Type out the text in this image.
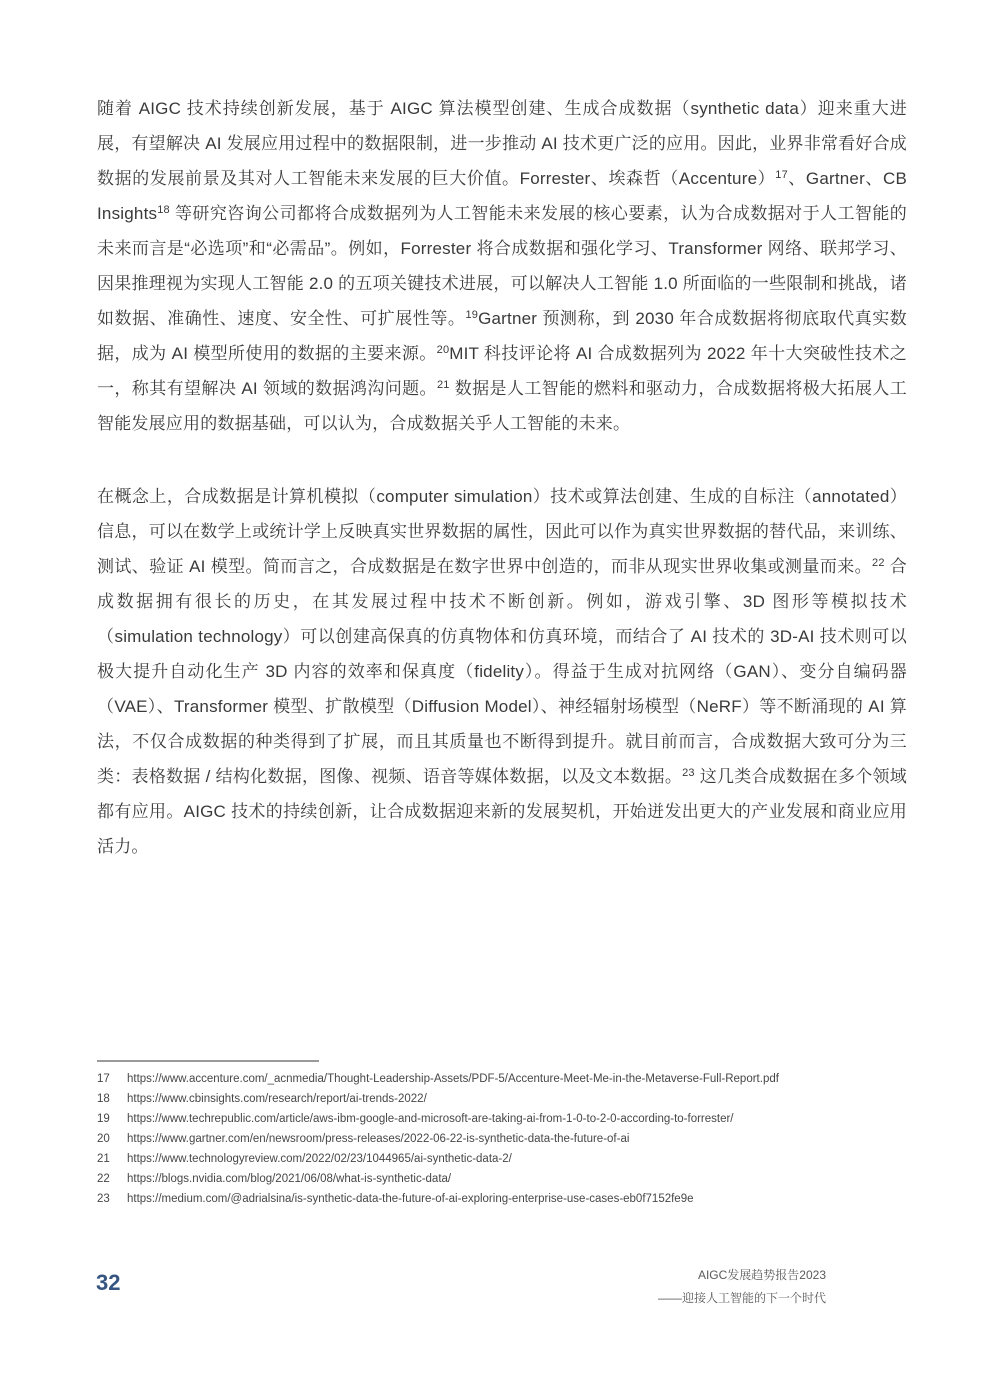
随着 AIGC 技术持续创新发展，基于 AIGC 算法模型创建、生成合成数据（synthetic data）迎来重大进展，有望解决 AI 发展应用过程中的数据限制，进一步推动 AI 技术更广泛的应用。因此，业界非常看好合成数据的发展前景及其对人工智能未来发展的巨大价值。Forrester、埃森哲（Accenture）$^{17}$、Gartner、CB Insights$^{18}$ 等研究咨询公司都将合成数据列为人工智能未来发展的核心要素，认为合成数据对于人工智能的未来而言是“必选项”和“必需品”。例如，Forrester 将合成数据和强化学习、Transformer 网络、联邦学习、因果推理视为实现人工智能 2.0 的五项关键技术进展，可以解决人工智能 1.0 所面临的一些限制和挑战，诸如数据、准确性、速度、安全性、可扩展性等。$^{19}$Gartner 预测称，到 2030 年合成数据将彻底取代真实数据，成为 AI 模型所使用的数据的主要来源。$^{20}$MIT 科技评论将 AI 合成数据列为 2022 年十大突破性技术之一，称其有望解决 AI 领域的数据鸿沟问题。$^{21}$ 数据是人工智能的燃料和驱动力，合成数据将极大拓展人工智能发展应用的数据基础，可以认为，合成数据关乎人工智能的未来。

在概念上，合成数据是计算机模拟（computer simulation）技术或算法创建、生成的自标注（annotated）信息，可以在数学上或统计学上反映真实世界数据的属性，因此可以作为真实世界数据的替代品，来训练、测试、验证 AI 模型。简而言之，合成数据是在数字世界中创造的，而非从现实世界收集或测量而来。$^{22}$ 合成数据拥有很长的历史，在其发展过程中技术不断创新。例如，游戏引擎、3D 图形等模拟技术（simulation technology）可以创建高保真的仿真物体和仿真环境，而结合了 AI 技术的 3D-AI 技术则可以极大提升自动化生产 3D 内容的效率和保真度（fidelity）。得益于生成对抗网络（GAN）、变分自编码器（VAE）、Transformer 模型、扩散模型（Diffusion Model）、神经辐射场模型（NeRF）等不断涌现的 AI 算法，不仅合成数据的种类得到了扩展，而且其质量也不断得到提升。就目前而言，合成数据大致可分为三类：表格数据 / 结构化数据，图像、视频、语音等媒体数据，以及文本数据。$^{23}$ 这几类合成数据在多个领域都有应用。AIGC 技术的持续创新，让合成数据迎来新的发展契机，开始迸发出更大的产业发展和商业应用活力。

17	https://www.accenture.com/_acnmedia/Thought-Leadership-Assets/PDF-5/Accenture-Meet-Me-in-the-Metaverse-Full-Report.pdf
18	https://www.cbinsights.com/research/report/ai-trends-2022/
19	https://www.techrepublic.com/article/aws-ibm-google-and-microsoft-are-taking-ai-from-1-0-to-2-0-according-to-forrester/
20	https://www.gartner.com/en/newsroom/press-releases/2022-06-22-is-synthetic-data-the-future-of-ai
21	https://www.technologyreview.com/2022/02/23/1044965/ai-synthetic-data-2/
22	https://blogs.nvidia.com/blog/2021/06/08/what-is-synthetic-data/
23	https://medium.com/@adrialsina/is-synthetic-data-the-future-of-ai-exploring-enterprise-use-cases-eb0f7152fe9e
32	AIGC发展趋势报告2023
——迎接人工智能的下一个时代
